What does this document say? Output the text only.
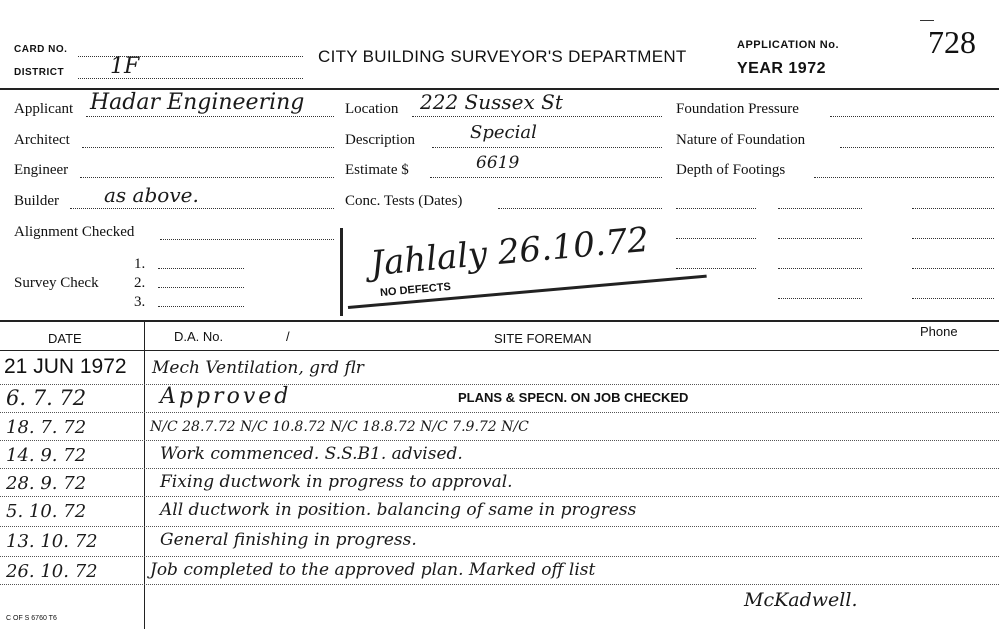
CARD NO.
DISTRICT 1F	CITY BUILDING SURVEYOR'S DEPARTMENT
APPLICATION No.	728
YEAR 1972
Applicant Hadar Engineering
Architect
Engineer
Builder as above.
Alignment Checked
Survey Check
1.
2.
3.
Location 222 Sussex St
Description	Special
Estimate $	6619
Conc. Tests (Dates)
Foundation Pressure
Nature of Foundation
Depth of Footings
Jahlaly 26.10.72
NO DEFECTS
DATE	D.A. No.	/	SITE FOREMAN	Phone
21 JUN 1972 Mech Ventilation, grd flr
6. 7. 72	Approved	PLANS & SPECN. ON JOB CHECKED
18. 7. 72	N/C 28.7.72 N/C 10.8.72 N/C 18.8.72 N/C 7.9.72 N/C
14. 9. 72	Work commenced. S.S.B1. advised.
28. 9. 72	Fixing ductwork in progress to approval.
5. 10. 72	All ductwork in position. balancing of same in progress
13. 10. 72	General finishing in progress.
26. 10. 72	Job completed to the approved plan. Marked off list
McKadwell.
C OF S 6760 T6
